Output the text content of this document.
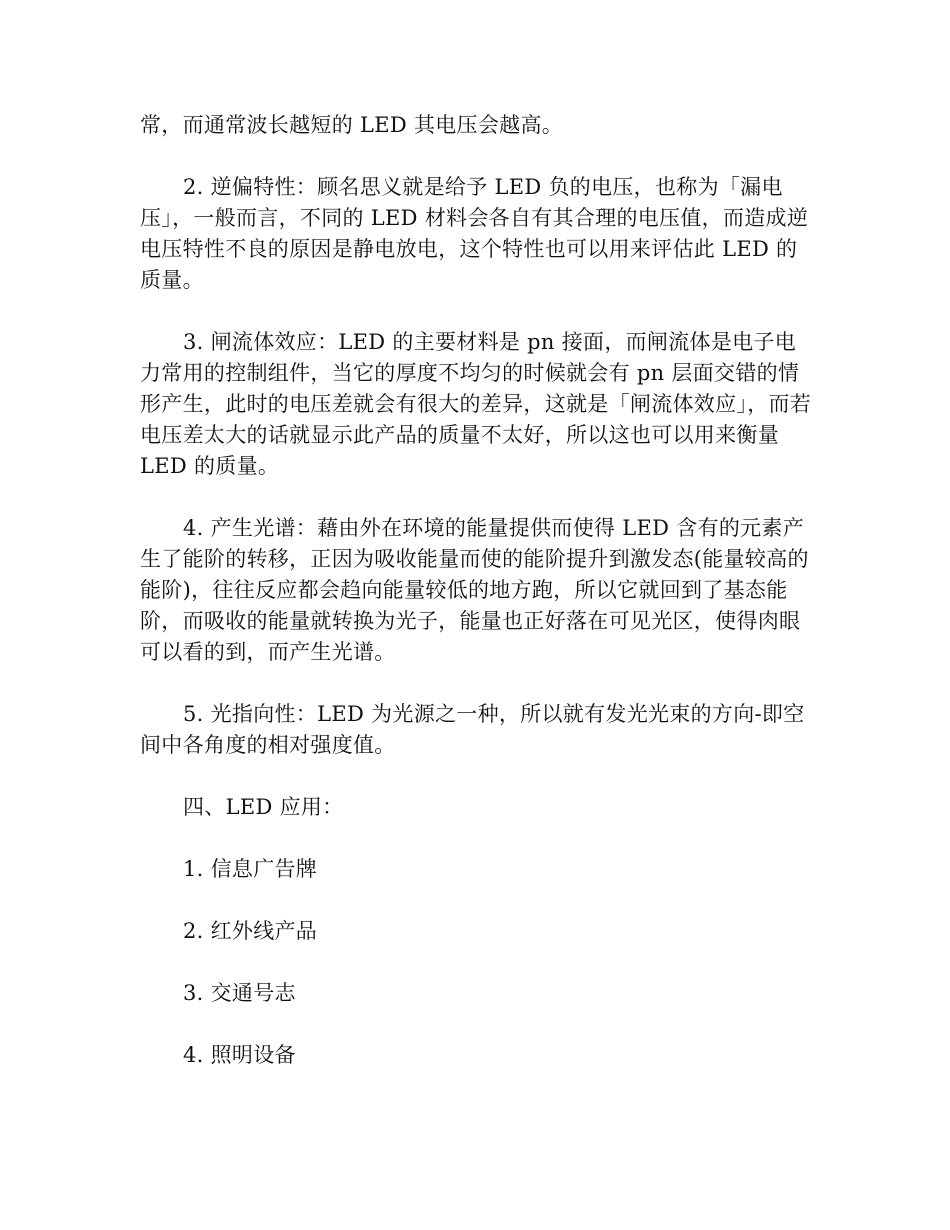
常，而通常波长越短的 LED 其电压会越高。

2. 逆偏特性：顾名思义就是给予 LED 负的电压，也称为「漏电压」，一般而言，不同的 LED 材料会各自有其合理的电压值，而造成逆电压特性不良的原因是静电放电，这个特性也可以用来评估此 LED 的质量。

3. 闸流体效应：LED 的主要材料是 pn 接面，而闸流体是电子电力常用的控制组件，当它的厚度不均匀的时候就会有 pn 层面交错的情形产生，此时的电压差就会有很大的差异，这就是「闸流体效应」，而若电压差太大的话就显示此产品的质量不太好，所以这也可以用来衡量 LED 的质量。

4. 产生光谱：藉由外在环境的能量提供而使得 LED 含有的元素产生了能阶的转移，正因为吸收能量而使的能阶提升到激发态(能量较高的能阶)，往往反应都会趋向能量较低的地方跑，所以它就回到了基态能阶，而吸收的能量就转换为光子，能量也正好落在可见光区，使得肉眼可以看的到，而产生光谱。

5. 光指向性：LED 为光源之一种，所以就有发光光束的方向-即空间中各角度的相对强度值。

四、LED 应用：

1. 信息广告牌

2. 红外线产品

3. 交通号志

4. 照明设备
